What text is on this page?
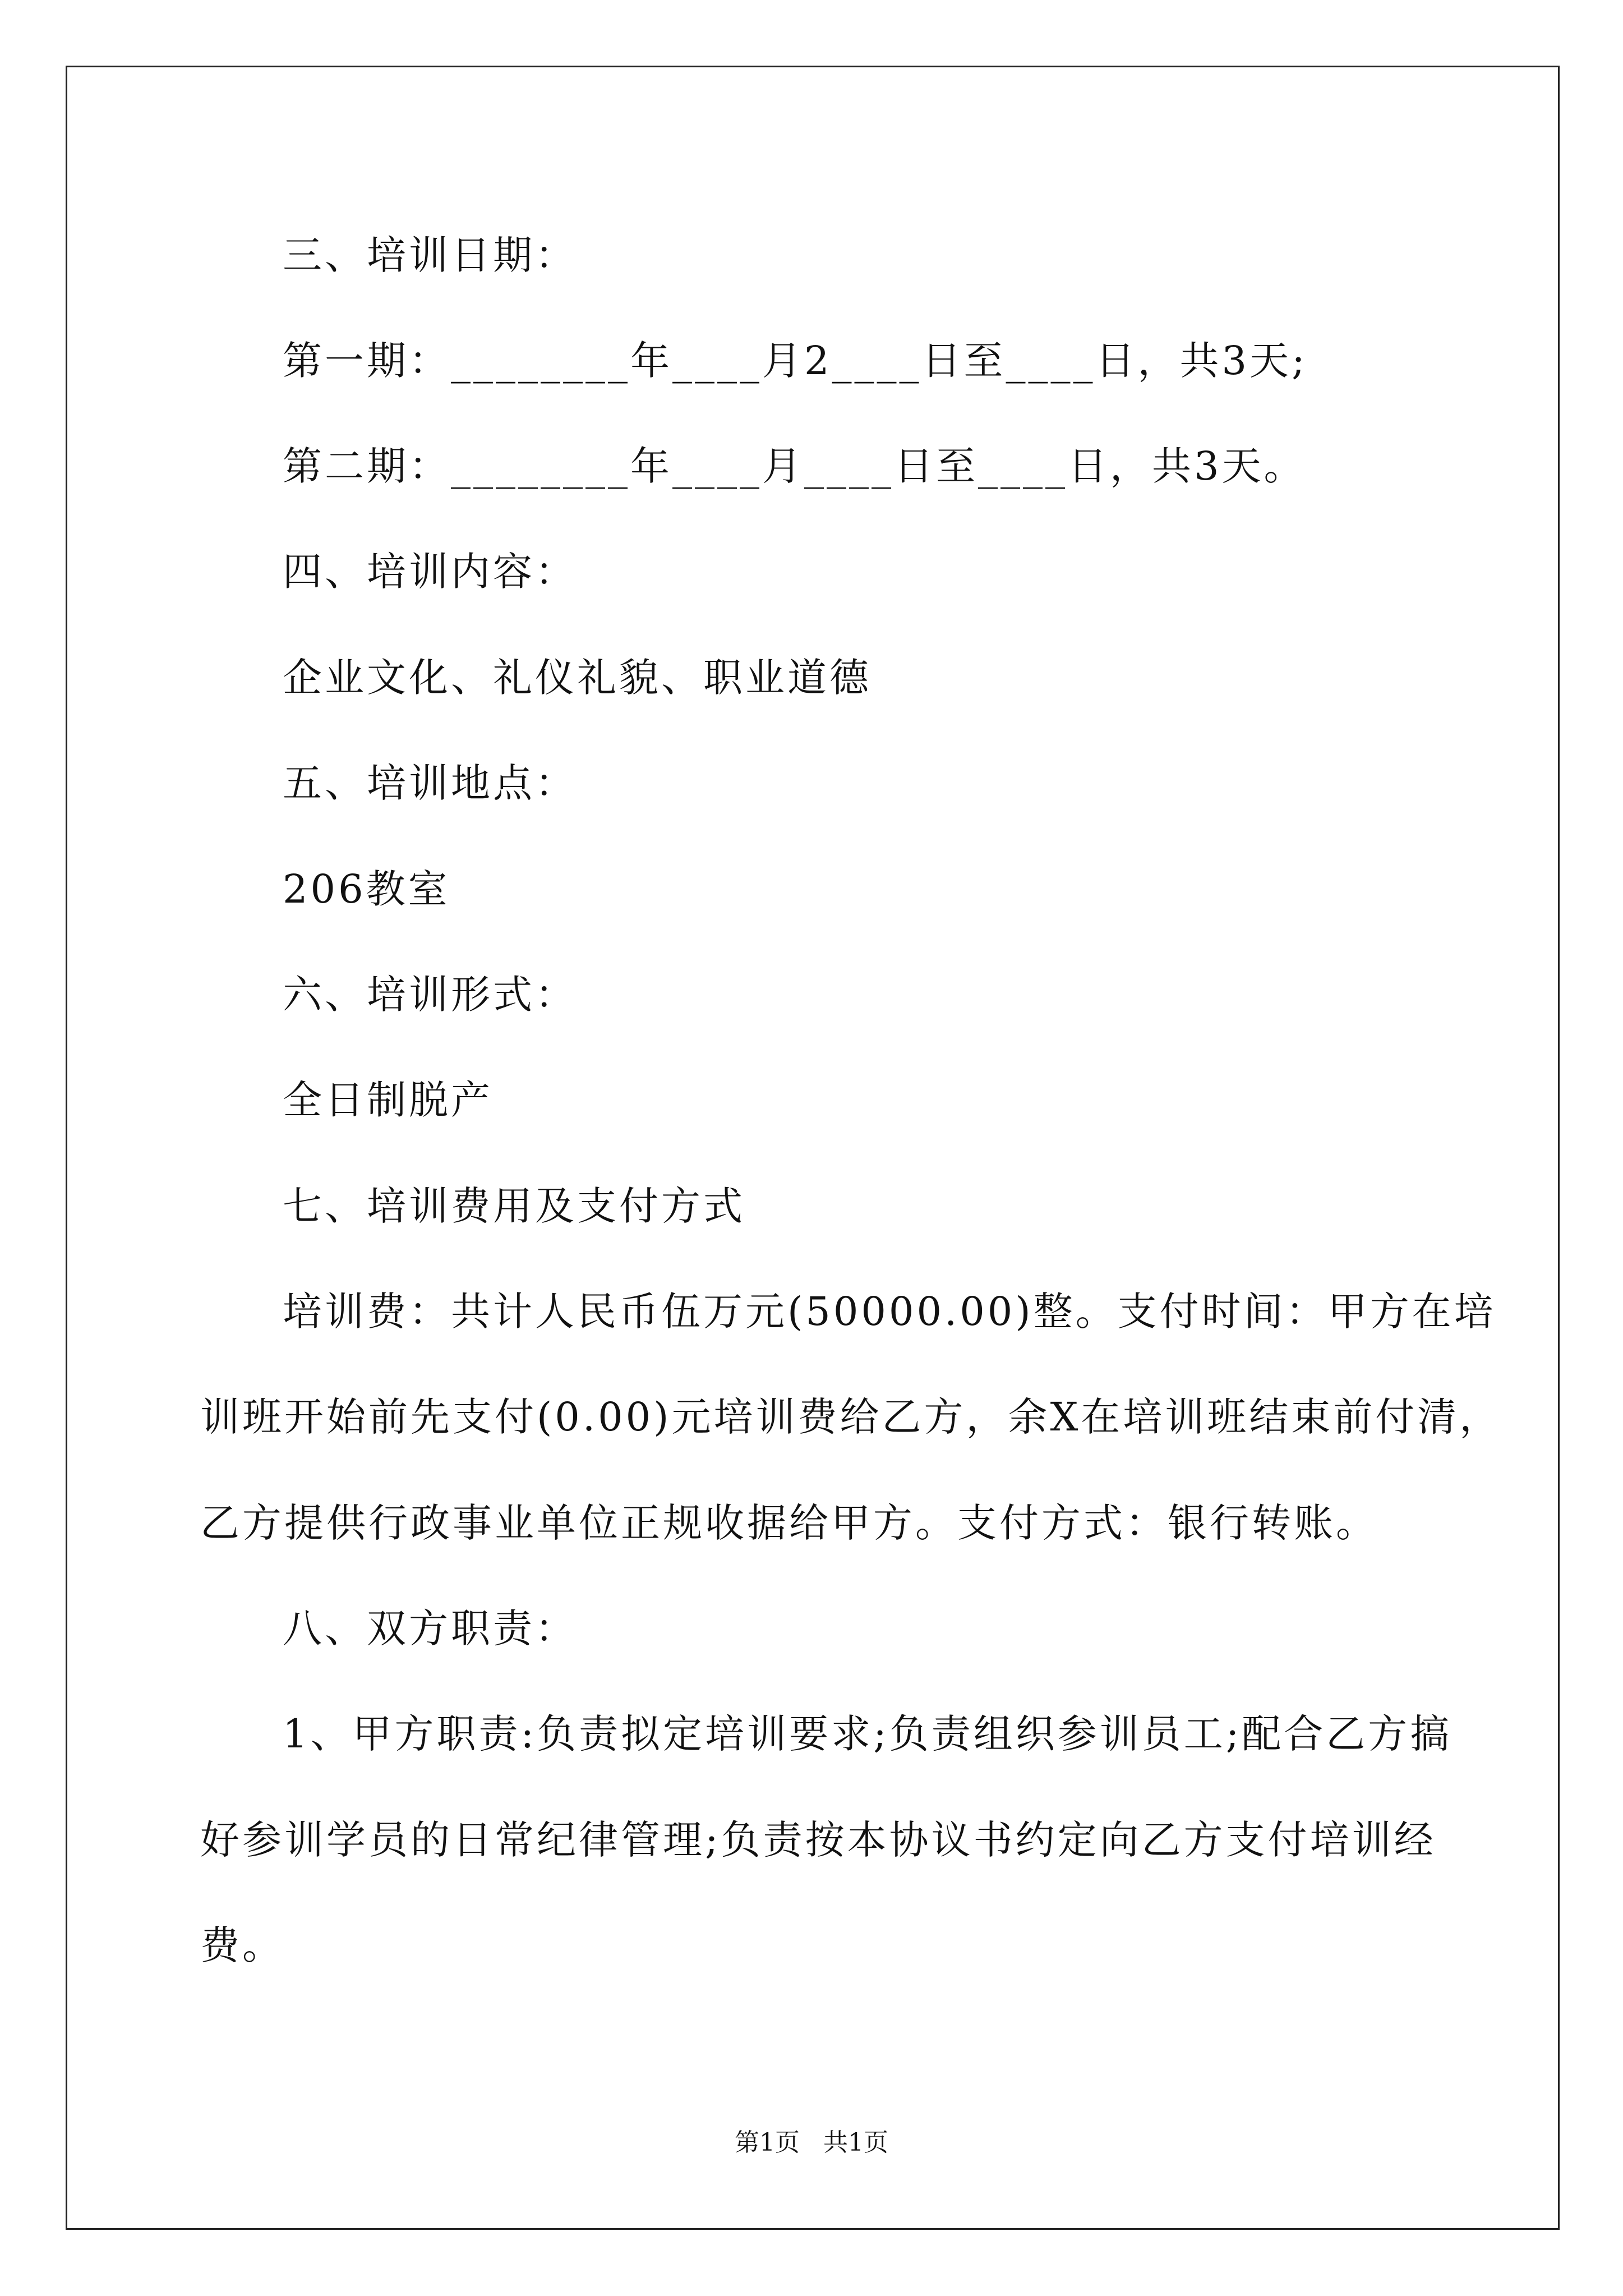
三、培训日期：
第一期：________年____月2____日至____日，共3天;
第二期：________年____月____日至____日，共3天。
四、培训内容：
企业文化、礼仪礼貌、职业道德
五、培训地点：
206教室
六、培训形式：
全日制脱产
七、培训费用及支付方式
培训费：共计人民币伍万元(50000.00)整。支付时间：甲方在培
训班开始前先支付(0.00)元培训费给乙方，余X在培训班结束前付清，
乙方提供行政事业单位正规收据给甲方。支付方式：银行转账。
八、双方职责：
1、甲方职责:负责拟定培训要求;负责组织参训员工;配合乙方搞
好参训学员的日常纪律管理;负责按本协议书约定向乙方支付培训经
费。
第1页   共1页
